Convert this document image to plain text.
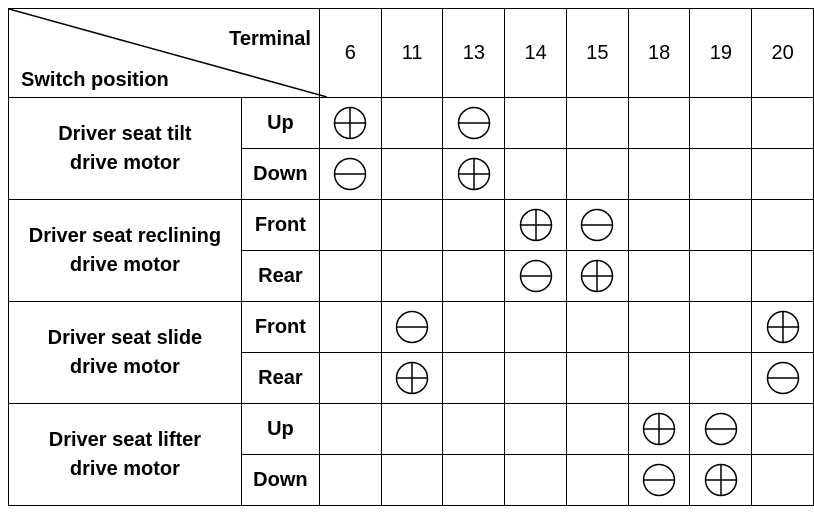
Terminal
Switch position		6	11	13	14	15	18	19	20

Driver seat tilt
drive motor	Up	

	Down	

Driver seat reclining
drive motor	Front				

	Rear				

Driver seat slide
drive motor	Front		

	Rear		

Driver seat lifter
drive motor	Up						

	Down						
